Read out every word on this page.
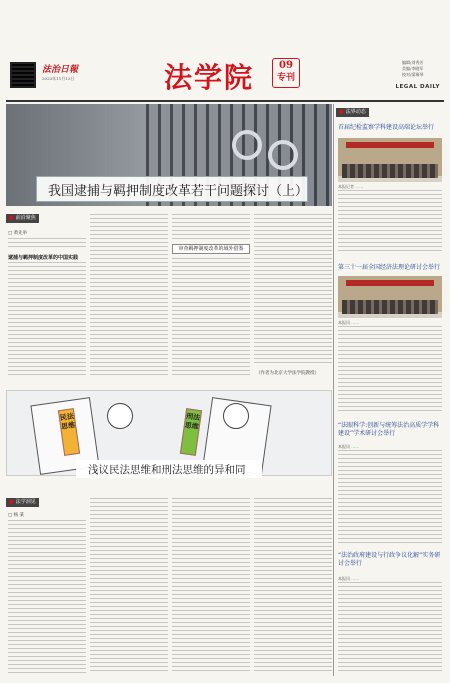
法治日報
2023年11月13日	法学院	09
专刊
编辑/刘秀芳
美编/李晓军
校对/梁瑞琴
LEGAL DAILY
我国逮捕与羁押制度改革若干问题探讨（上）
■ 前沿聚焦
□ 黄先举
逮捕与羁押制度改革的中国实践
审查羁押制度改革的域外借鉴
（作者为北京大学法学院教授）
民法思维
刑法思维
浅议民法思维和刑法思维的异和同
■ 法学洞见
□ 杨 某
■ 法界动态
首届纪检监察学科建设高端论坛举行
本报记者 ……
第三十一届全国经济法理论研讨会举行
本报讯 ……
“法眼科学:创新与统筹法治高质学学科建设”学术研讨会举行
本报讯 ……
“法治政府建设与行政争议化解”实务研讨会举行
本报讯 ……
